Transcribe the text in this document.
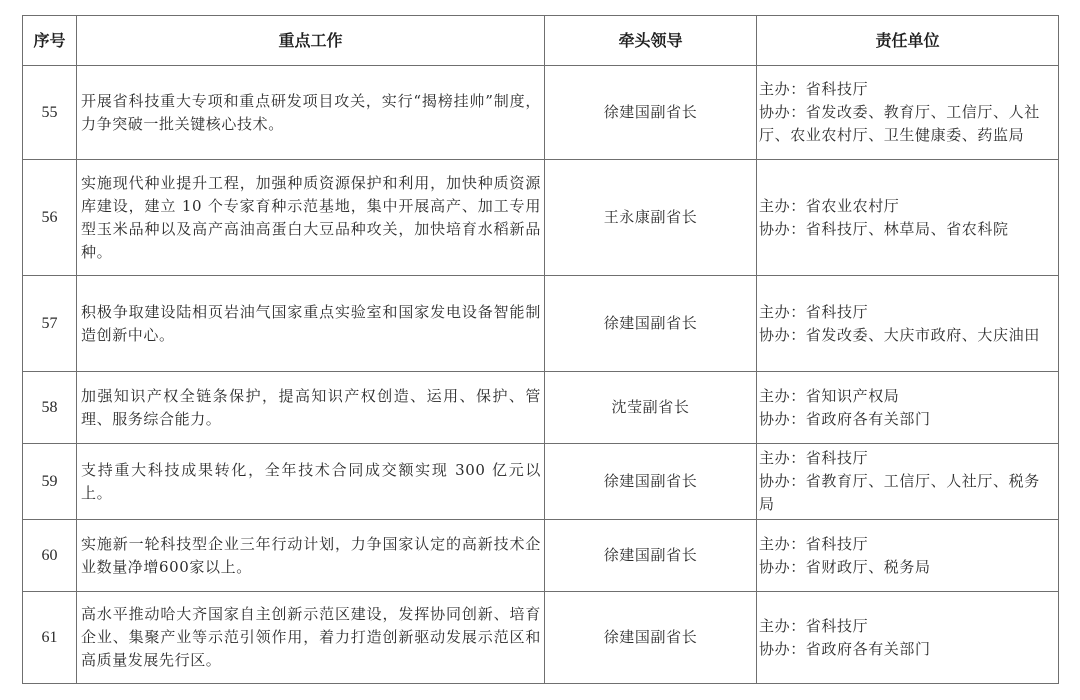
序号	重点工作	牵头领导	责任单位
55	开展省科技重大专项和重点研发项目攻关，实行“揭榜挂帅”制度，力争突破一批关键核心技术。	徐建国副省长	主办：省科技厅
协办：省发改委、教育厅、工信厅、人社厅、农业农村厅、卫生健康委、药监局

56	实施现代种业提升工程，加强种质资源保护和利用，加快种质资源库建设，建立 10 个专家育种示范基地，集中开展高产、加工专用型玉米品种以及高产高油高蛋白大豆品种攻关，加快培育水稻新品种。	王永康副省长	主办：省农业农村厅
协办：省科技厅、林草局、省农科院

57	积极争取建设陆相页岩油气国家重点实验室和国家发电设备智能制造创新中心。	徐建国副省长	主办：省科技厅
协办：省发改委、大庆市政府、大庆油田

58	加强知识产权全链条保护，提高知识产权创造、运用、保护、管理、服务综合能力。	沈莹副省长	主办：省知识产权局
协办：省政府各有关部门

59	支持重大科技成果转化，全年技术合同成交额实现 300 亿元以上。	徐建国副省长	主办：省科技厅
协办：省教育厅、工信厅、人社厅、税务局

60	实施新一轮科技型企业三年行动计划，力争国家认定的高新技术企业数量净增600家以上。	徐建国副省长	主办：省科技厅
协办：省财政厅、税务局

61	高水平推动哈大齐国家自主创新示范区建设，发挥协同创新、培育企业、集聚产业等示范引领作用，着力打造创新驱动发展示范区和高质量发展先行区。	徐建国副省长	主办：省科技厅
协办：省政府各有关部门
